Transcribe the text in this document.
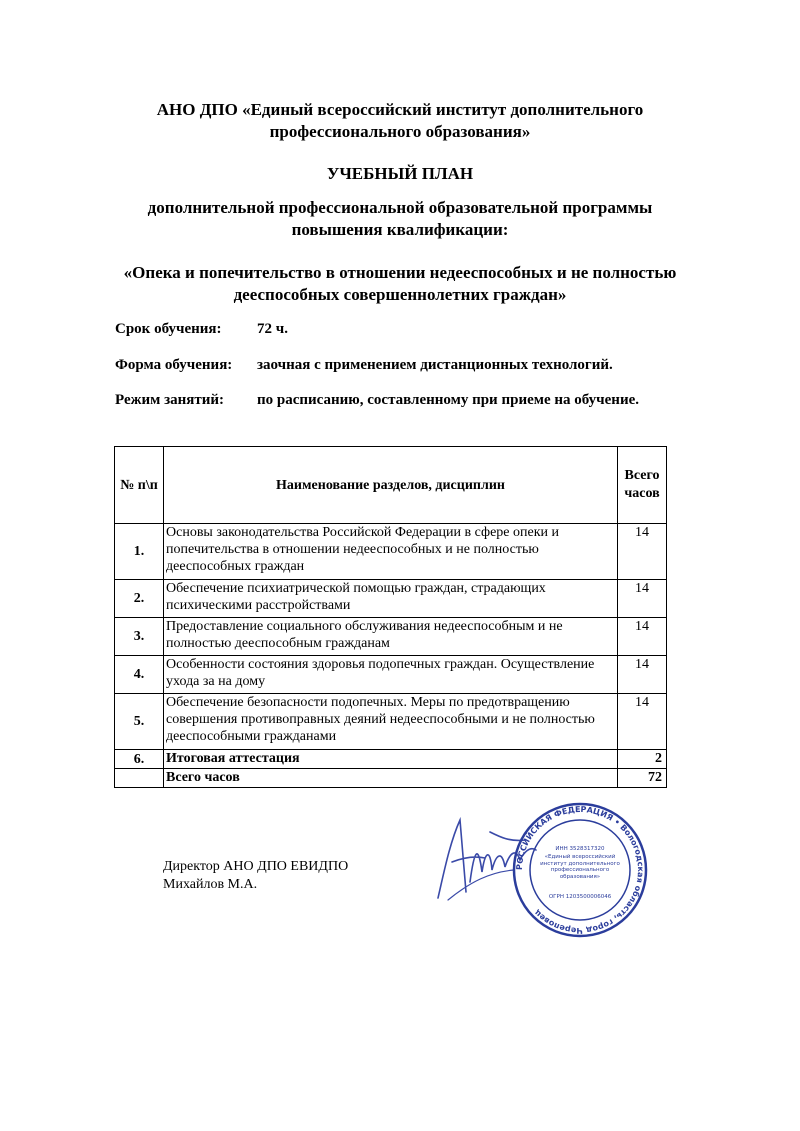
АНО ДПО «Единый всероссийский институт дополнительного
профессионального образования»
УЧЕБНЫЙ ПЛАН
дополнительной профессиональной образовательной программы
повышения квалификации:
«Опека и попечительство в отношении недееспособных и не полностью
дееспособных совершеннолетних граждан»
Срок обучения: 72 ч.
Форма обучения: заочная с применением дистанционных технологий.
Режим занятий: по расписанию, составленному при приеме на обучение.
№ п\п	Наименование разделов, дисциплин	Всего часов
1.	Основы законодательства Российской Федерации в сфере опеки и попечительства в отношении недееспособных и не полностью дееспособных граждан	14
2.	Обеспечение психиатрической помощью граждан, страдающих психическими расстройствами	14
3.	Предоставление социального обслуживания недееспособным и не полностью дееспособным гражданам	14
4.	Особенности состояния здоровья подопечных граждан. Осуществление ухода за на дому	14
5.	Обеспечение безопасности подопечных. Меры по предотвращению совершения противоправных деяний недееспособными и не полностью дееспособными гражданами	14
6.	Итоговая аттестация	2
	Всего часов	72
Директор АНО ДПО ЕВИДПО
Михайлов М.А.
РОССИЙСКАЯ ФЕДЕРАЦИЯ • Вологодская область, город Череповец
ИНН 3528317320
«Единый всероссийский институт дополнительного профессионального образования»
ОГРН 1203500006046
